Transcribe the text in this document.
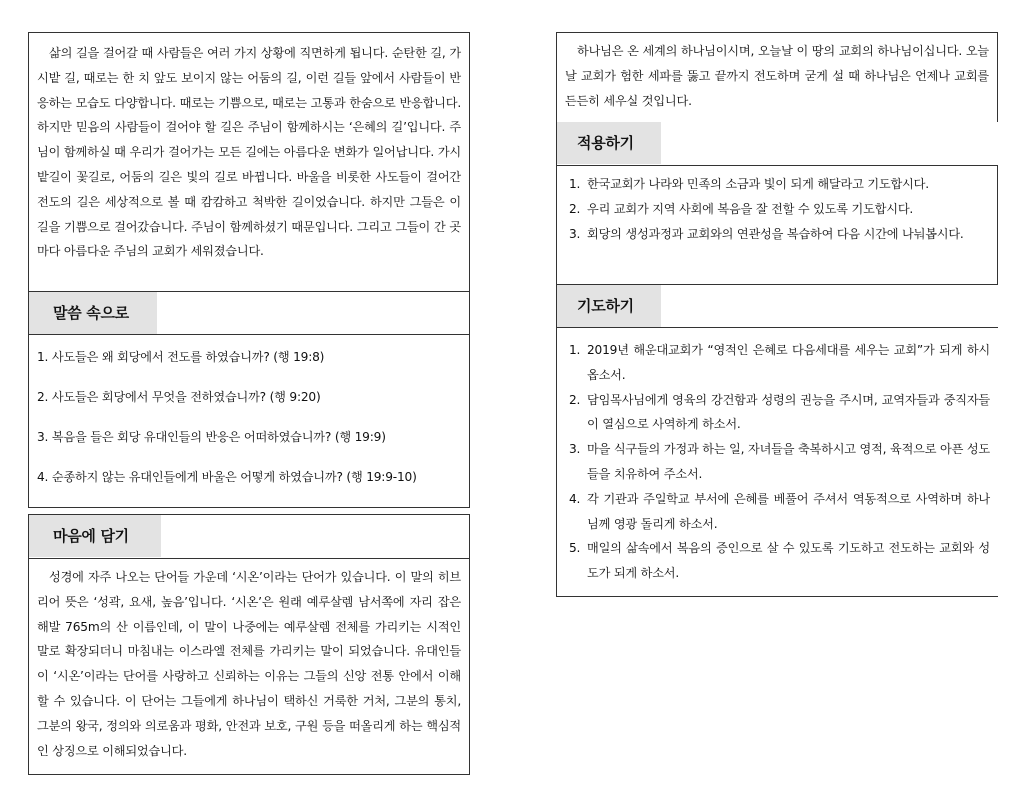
삶의 길을 걸어갈 때 사람들은 여러 가지 상황에 직면하게 됩니다. 순탄한 길, 가시밭 길, 때로는 한 치 앞도 보이지 않는 어둠의 길, 이런 길들 앞에서 사람들이 반응하는 모습도 다양합니다. 때로는 기쁨으로, 때로는 고통과 한숨으로 반응합니다. 하지만 믿음의 사람들이 걸어야 할 길은 주님이 함께하시는 ‘은혜의 길’입니다. 주님이 함께하실 때 우리가 걸어가는 모든 길에는 아름다운 변화가 일어납니다. 가시밭길이 꽃길로, 어둠의 길은 빛의 길로 바뀝니다. 바울을 비롯한 사도들이 걸어간 전도의 길은 세상적으로 볼 때 캄캄하고 척박한 길이었습니다. 하지만 그들은 이 길을 기쁨으로 걸어갔습니다. 주님이 함께하셨기 때문입니다. 그리고 그들이 간 곳마다 아름다운 주님의 교회가 세워졌습니다.

말씀 속으로
1. 사도들은 왜 회당에서 전도를 하였습니까? (행 19:8)
2. 사도들은 회당에서 무엇을 전하였습니까? (행 9:20)
3. 복음을 들은 회당 유대인들의 반응은 어떠하였습니까? (행 19:9)
4. 순종하지 않는 유대인들에게 바울은 어떻게 하였습니까? (행 19:9-10)
마음에 담기

성경에 자주 나오는 단어들 가운데 ‘시온’이라는 단어가 있습니다. 이 말의 히브리어 뜻은 ‘성곽, 요새, 높음’입니다. ‘시온’은 원래 예루살렘 남서쪽에 자리 잡은 해발 765m의 산 이름인데, 이 말이 나중에는 예루살렘 전체를 가리키는 시적인 말로 확장되더니 마침내는 이스라엘 전체를 가리키는 말이 되었습니다. 유대인들이 ‘시온’이라는 단어를 사랑하고 신뢰하는 이유는 그들의 신앙 전통 안에서 이해할 수 있습니다. 이 단어는 그들에게 하나님이 택하신 거룩한 거처, 그분의 통치, 그분의 왕국, 정의와 의로움과 평화, 안전과 보호, 구원 등을 떠올리게 하는 핵심적인 상징으로 이해되었습니다.

하나님은 온 세계의 하나님이시며, 오늘날 이 땅의 교회의 하나님이십니다. 오늘날 교회가 험한 세파를 뚫고 끝까지 전도하며 굳게 설 때 하나님은 언제나 교회를 든든히 세우실 것입니다.

적용하기
1. 한국교회가 나라와 민족의 소금과 빛이 되게 해달라고 기도합시다.
2. 우리 교회가 지역 사회에 복음을 잘 전할 수 있도록 기도합시다.
3. 회당의 생성과정과 교회와의 연관성을 복습하여 다음 시간에 나눠봅시다.
기도하기
1. 2019년 해운대교회가 “영적인 은혜로 다음세대를 세우는 교회”가 되게 하시옵소서.
2. 담임목사님에게 영육의 강건함과 성령의 권능을 주시며, 교역자들과 중직자들이 열심으로 사역하게 하소서.
3. 마을 식구들의 가정과 하는 일, 자녀들을 축복하시고 영적, 육적으로 아픈 성도들을 치유하여 주소서.
4. 각 기관과 주일학교 부서에 은혜를 베풀어 주셔서 역동적으로 사역하며 하나님께 영광 돌리게 하소서.
5. 매일의 삶속에서 복음의 증인으로 살 수 있도록 기도하고 전도하는 교회와 성도가 되게 하소서.
